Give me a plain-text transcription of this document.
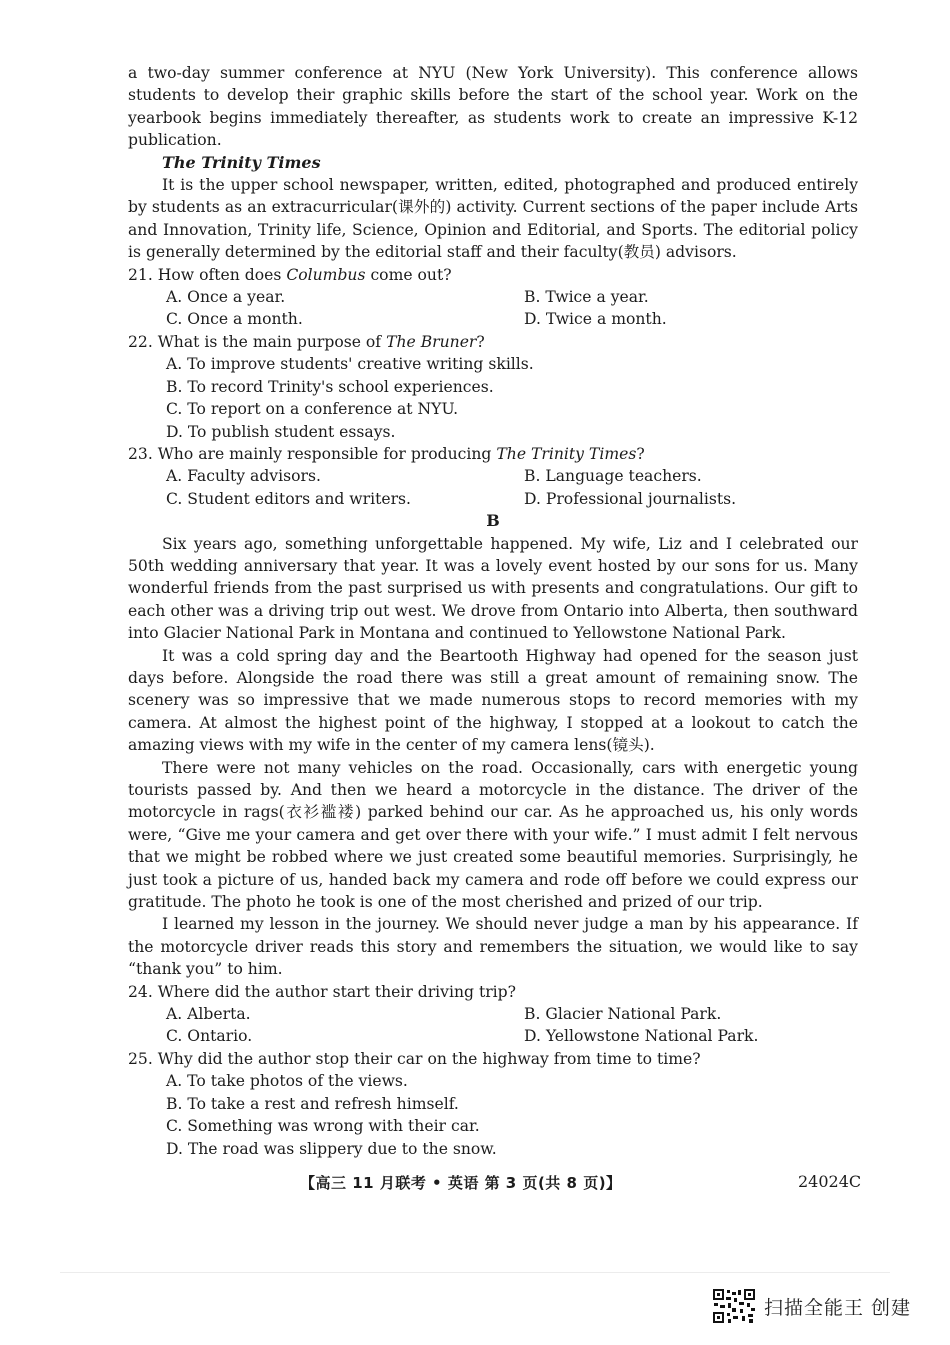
a two-day summer conference at NYU (New York University). This conference allows students to develop their graphic skills before the start of the school year. Work on the yearbook begins immediately thereafter, as students work to create an impressive K-12 publication.

The Trinity Times

It is the upper school newspaper, written, edited, photographed and produced entirely by students as an extracurricular(课外的) activity. Current sections of the paper include Arts and Innovation, Trinity life, Science, Opinion and Editorial, and Sports. The editorial policy is generally determined by the editorial staff and their faculty(教员) advisors.

21. How often does Columbus come out?
A. Once a year.	B. Twice a year.
C. Once a month.	D. Twice a month.
22. What is the main purpose of The Bruner?
A. To improve students' creative writing skills.
B. To record Trinity's school experiences.
C. To report on a conference at NYU.
D. To publish student essays.
23. Who are mainly responsible for producing The Trinity Times?
A. Faculty advisors.	B. Language teachers.
C. Student editors and writers.	D. Professional journalists.
B

Six years ago, something unforgettable happened. My wife, Liz and I celebrated our 50th wedding anniversary that year. It was a lovely event hosted by our sons for us. Many wonderful friends from the past surprised us with presents and congratulations. Our gift to each other was a driving trip out west. We drove from Ontario into Alberta, then southward into Glacier National Park in Montana and continued to Yellowstone National Park.

It was a cold spring day and the Beartooth Highway had opened for the season just days before. Alongside the road there was still a great amount of remaining snow. The scenery was so impressive that we made numerous stops to record memories with my camera. At almost the highest point of the highway, I stopped at a lookout to catch the amazing views with my wife in the center of my camera lens(镜头).

There were not many vehicles on the road. Occasionally, cars with energetic young tourists passed by. And then we heard a motorcycle in the distance. The driver of the motorcycle in rags(衣衫褴褛) parked behind our car. As he approached us, his only words were, “Give me your camera and get over there with your wife.” I must admit I felt nervous that we might be robbed where we just created some beautiful memories. Surprisingly, he just took a picture of us, handed back my camera and rode off before we could express our gratitude. The photo he took is one of the most cherished and prized of our trip.

I learned my lesson in the journey. We should never judge a man by his appearance. If the motorcycle driver reads this story and remembers the situation, we would like to say “thank you” to him.

24. Where did the author start their driving trip?
A. Alberta.	B. Glacier National Park.
C. Ontario.	D. Yellowstone National Park.
25. Why did the author stop their car on the highway from time to time?
A. To take photos of the views.
B. To take a rest and refresh himself.
C. Something was wrong with their car.
D. The road was slippery due to the snow.
【高三 11 月联考 • 英语 第 3 页(共 8 页)】	24024C
扫描全能王 创建
